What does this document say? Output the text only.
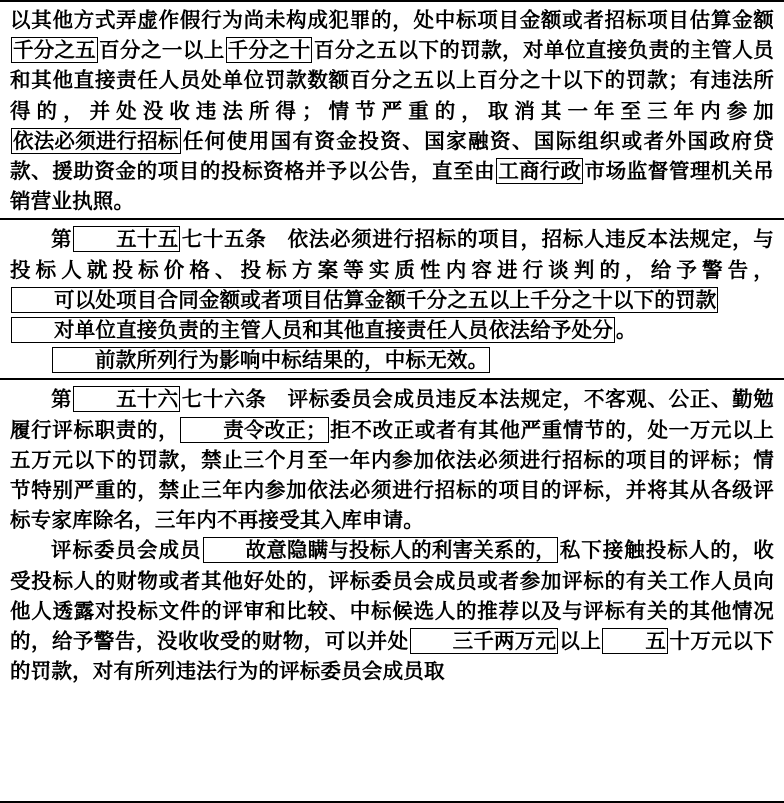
以其他方式弄虚作假行为尚未构成犯罪的，处中标项目金额或者招标项目估算金额千分之五 百分之一以上 千分之十 百分之五以下的罚款，对单位直接负责的主管人员和其他直接责任人员处单位罚款数额百分之五以上百分之十以下的罚款；有违法所得的，并处没收违法所得；情节严重的，取消其一年至三年内参加依法必须进行招标 任何使用国有资金投资、国家融资、国际组织或者外国政府贷款、援助资金的项目的投标资格并予以公告，直至由 工商行政 市场监督管理机关吊销营业执照。

第 五十五 七十五条　依法必须进行招标的项目，招标人违反本法规定，与投标人就投标价格、投标方案等实质性内容进行谈判的，给予警告，可以处项目合同金额或者项目估算金额千分之五以上千分之十以下的罚款对单位直接负责的主管人员和其他直接责任人员依法给予处分 。

前款所列行为影响中标结果的，中标无效。

第 五十六 七十六条　评标委员会成员违反本法规定，不客观、公正、勤勉履行评标职责的， 责令改正； 拒不改正或者有其他严重情节的，处一万元以上五万元以下的罚款，禁止三个月至一年内参加依法必须进行招标的项目的评标；情节特别严重的，禁止三年内参加依法必须进行招标的项目的评标，并将其从各级评标专家库除名，三年内不再接受其入库申请。

评标委员会成员 故意隐瞒与投标人的利害关系的， 私下接触投标人的，收受投标人的财物或者其他好处的，评标委员会成员或者参加评标的有关工作人员向他人透露对投标文件的评审和比较、中标候选人的推荐以及与评标有关的其他情况的，给予警告，没收收受的财物，可以并处 三千两万元 以上 五 十万元以下的罚款，对有所列违法行为的评标委员会成员取
